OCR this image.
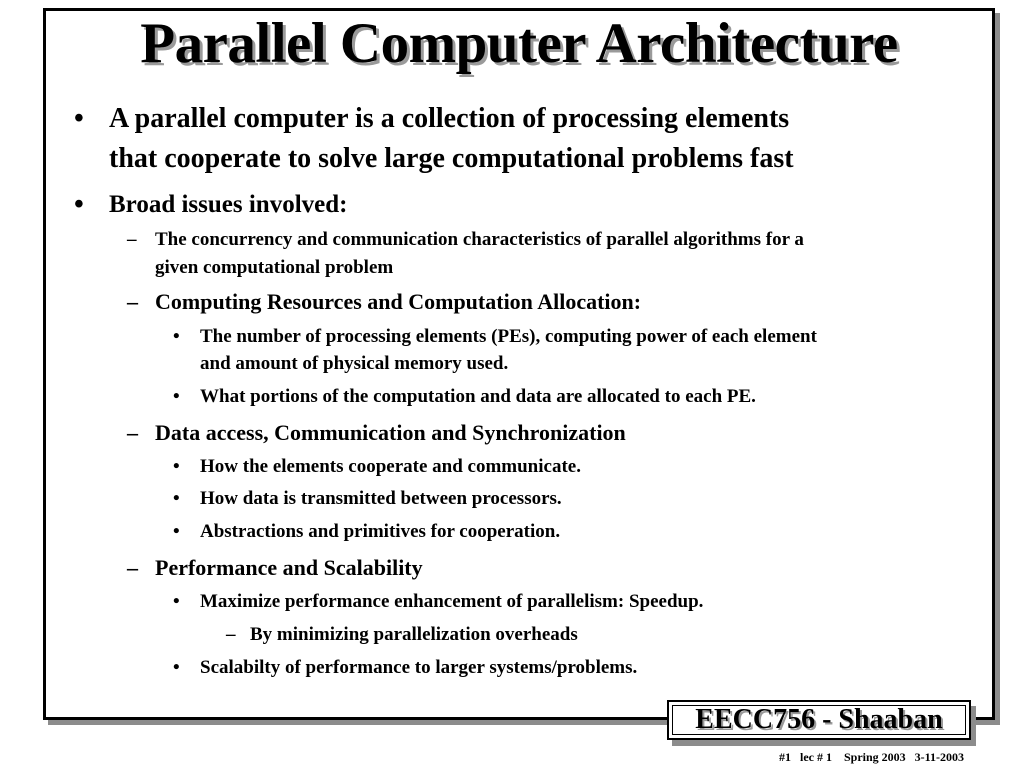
Parallel Computer Architecture
• A parallel computer is a collection of processing elements
that cooperate to solve large computational problems fast
• Broad issues involved:
– The concurrency and communication characteristics of parallel algorithms for a
given computational problem
– Computing Resources and Computation Allocation:
• The number of processing elements (PEs), computing power of each element
and amount of physical memory used.
• What portions of the computation and data are allocated to each PE.
– Data access, Communication and Synchronization
• How the elements cooperate and communicate.
• How data is transmitted between processors.
• Abstractions and primitives for cooperation.
– Performance and Scalability
• Maximize performance enhancement of parallelism: Speedup.
– By minimizing parallelization overheads
• Scalabilty of performance to larger systems/problems.
EECC756 - Shaaban
#1   lec # 1    Spring 2003   3-11-2003
